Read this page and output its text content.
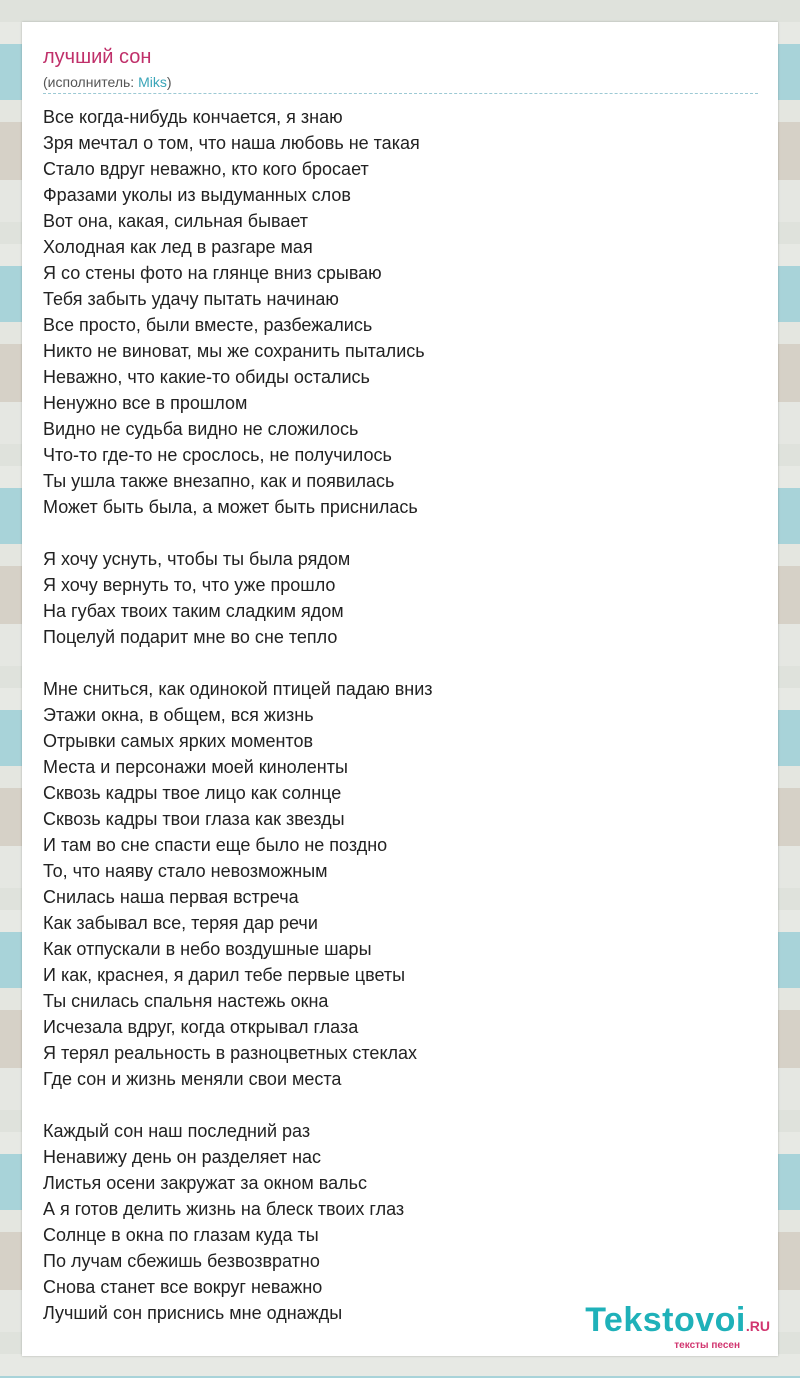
лучший сон
(исполнитель: Miks)
Все когда-нибудь кончается, я знаю
Зря мечтал о том, что наша любовь не такая
Стало вдруг неважно, кто кого бросает
Фразами уколы из выдуманных слов
Вот она, какая, сильная бывает
Холодная как лед в разгаре мая
Я со стены фото на глянце вниз срываю
Тебя забыть удачу пытать начинаю
Все просто, были вместе, разбежались
Никто не виноват, мы же сохранить пытались
Неважно, что какие-то обиды остались
Ненужно все в прошлом
Видно не судьба видно не сложилось
Что-то где-то не срослось, не получилось
Ты ушла также внезапно, как и появилась
Может быть была, а может быть приснилась
Я хочу уснуть, чтобы ты была рядом
Я хочу вернуть то, что уже прошло
На губах твоих таким сладким ядом
Поцелуй подарит мне во сне тепло
Мне сниться, как одинокой птицей падаю вниз
Этажи окна, в общем, вся жизнь
Отрывки самых ярких моментов
Места и персонажи моей киноленты
Сквозь кадры твое лицо как солнце
Сквозь кадры твои глаза как звезды
И там во сне спасти еще было не поздно
То, что наяву стало невозможным
Снилась наша первая встреча
Как забывал все, теряя дар речи
Как отпускали в небо воздушные шары
И как, краснея, я дарил тебе первые цветы
Ты снилась спальня настежь окна
Исчезала вдруг, когда открывал глаза
Я терял реальность в разноцветных стеклах
Где сон и жизнь меняли свои места
Каждый сон наш последний раз
Ненавижу день он разделяет нас
Листья осени закружат за окном вальс
А я готов делить жизнь на блеск твоих глаз
Солнце в окна по глазам куда ты
По лучам сбежишь безвозвратно
Снова станет все вокруг неважно
Лучший сон приснись мне однажды	Tekstovoi.RU
тексты песен
